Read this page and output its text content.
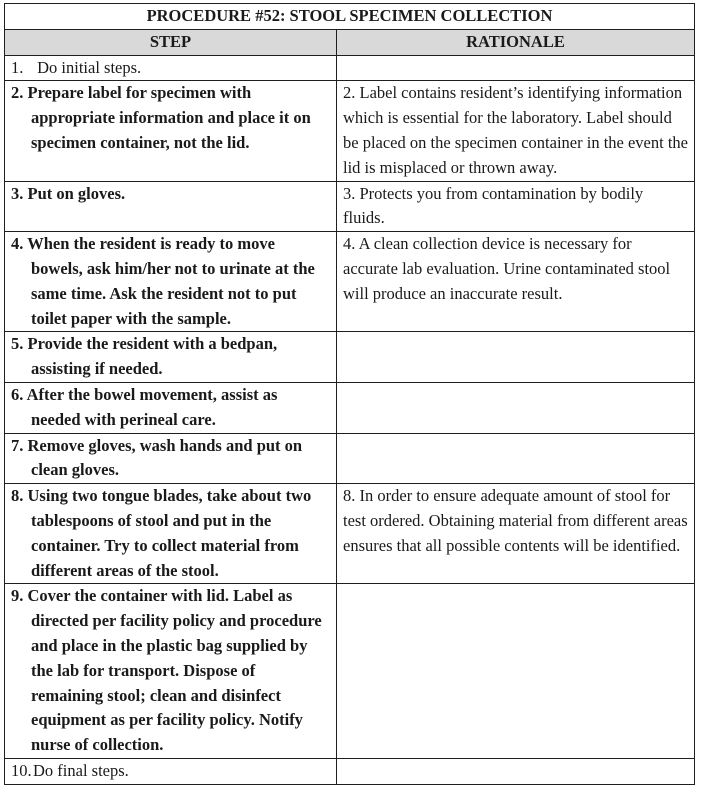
PROCEDURE #52: STOOL SPECIMEN COLLECTION	
STEP	RATIONALE
1. Do initial steps.	

2. Prepare label for specimen with appropriate information and place it on specimen container, not the lid.	2. Label contains resident’s identifying information which is essential for the laboratory. Label should be placed on the specimen container in the event the lid is misplaced or thrown away.

3. Put on gloves.	3. Protects you from contamination by bodily fluids.

4. When the resident is ready to move bowels, ask him/her not to urinate at the same time. Ask the resident not to put toilet paper with the sample.	4. A clean collection device is necessary for accurate lab evaluation. Urine contaminated stool will produce an inaccurate result.

5. Provide the resident with a bedpan, assisting if needed.	

6. After the bowel movement, assist as needed with perineal care.	

7. Remove gloves, wash hands and put on clean gloves.	

8. Using two tongue blades, take about two tablespoons of stool and put in the container. Try to collect material from different areas of the stool.	8. In order to ensure adequate amount of stool for test ordered. Obtaining material from different areas ensures that all possible contents will be identified.

9. Cover the container with lid. Label as directed per facility policy and procedure and place in the plastic bag supplied by the lab for transport. Dispose of remaining stool; clean and disinfect equipment as per facility policy. Notify nurse of collection.	

10.Do final steps.	
